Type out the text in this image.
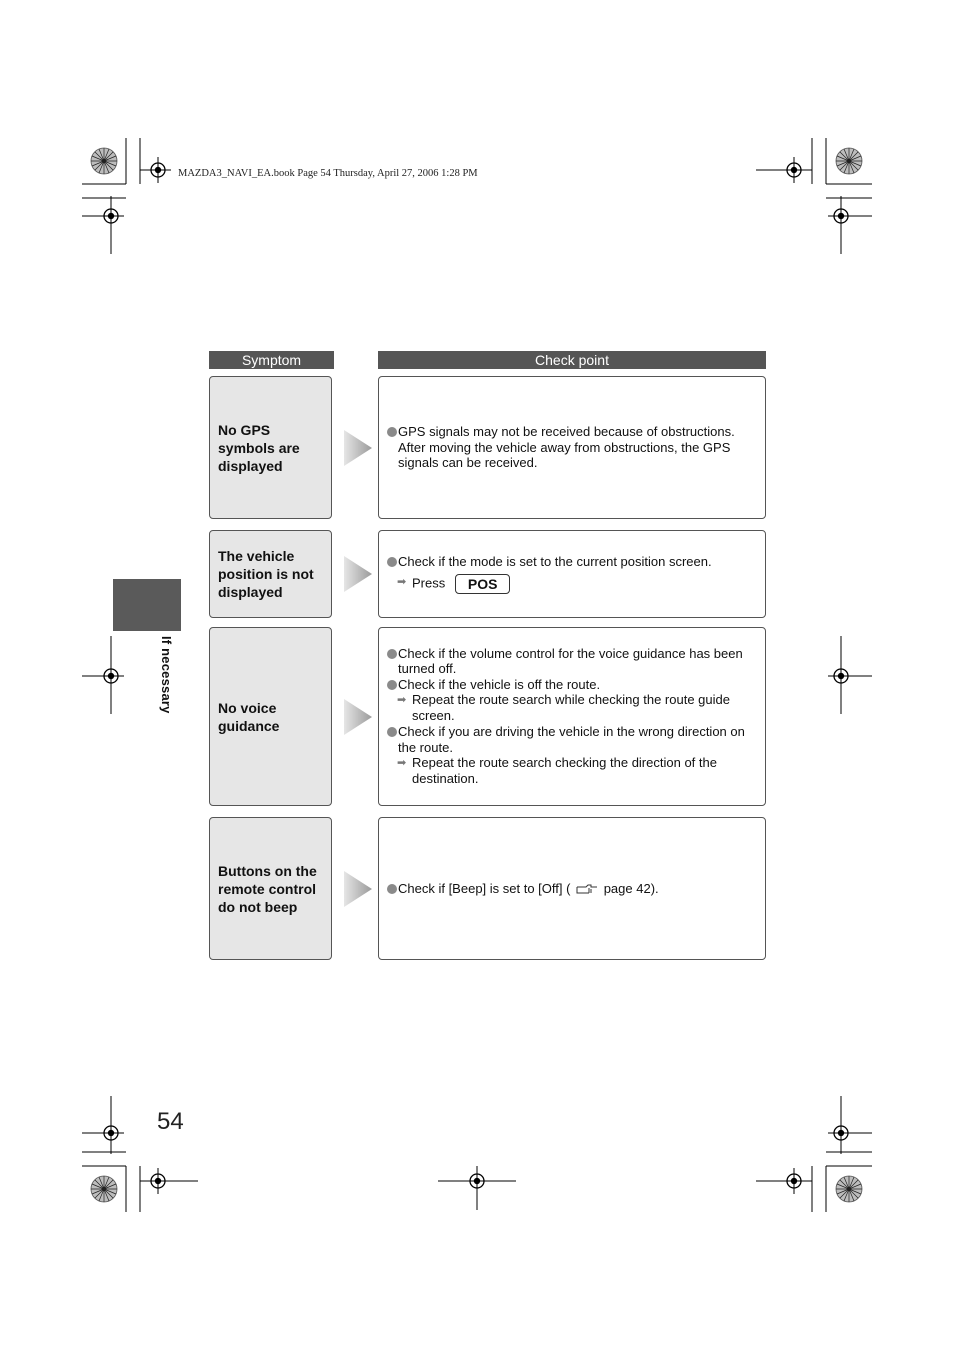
MAZDA3_NAVI_EA.book Page 54 Thursday, April 27, 2006 1:28 PM
Symptom	Check point
No GPS symbols are displayed
GPS signals may not be received because of obstructions. After moving the vehicle away from obstructions, the GPS signals can be received.
The vehicle position is not displayed
Check if the mode is set to the current position screen.
➡ Press POS
No voice guidance
Check if the volume control for the voice guidance has been turned off.
Check if the vehicle is off the route.
➡ Repeat the route search while checking the route guide screen.
Check if you are driving the vehicle in the wrong direction on the route.
➡ Repeat the route search checking the direction of the destination.
Buttons on the remote control do not beep
Check if [Beep] is set to [Off] (	page 42).
If necessary
54
